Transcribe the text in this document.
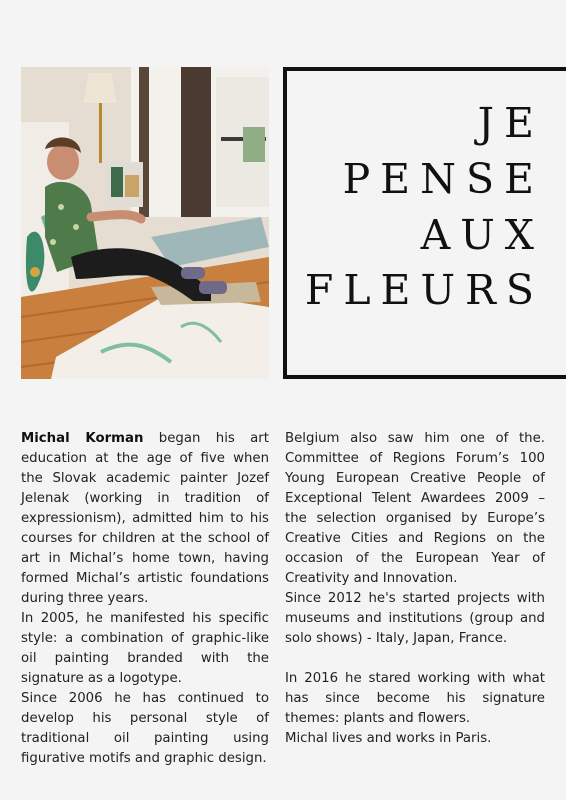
JE
PENSE
AUX
FLEURS

Michal Korman began his art education at the age of five when the Slovak academic painter Jozef Jelenak (working in tradition of expressionism), admitted him to his courses for children at the school of art in Michal’s home town, having formed Michal’s artistic foundations during three years.

In 2005, he manifested his specific style: a combination of graphic-like oil painting branded with the signature as a logotype.

Since 2006 he has continued to develop his personal style of traditional oil painting using figurative motifs and graphic design.

Belgium also saw him one of the. Committee of Regions Forum’s 100 Young European Creative People of Exceptional Telent Awardees 2009 – the selection organised by Europe’s Creative Cities and Regions on the occasion of the European Year of Creativity and Innovation.

Since 2012 he's started projects with museums and institutions (group and solo shows) - Italy, Japan, France.

In 2016 he stared working with what has since become his signature themes: plants and flowers.

Michal lives and works in Paris.
